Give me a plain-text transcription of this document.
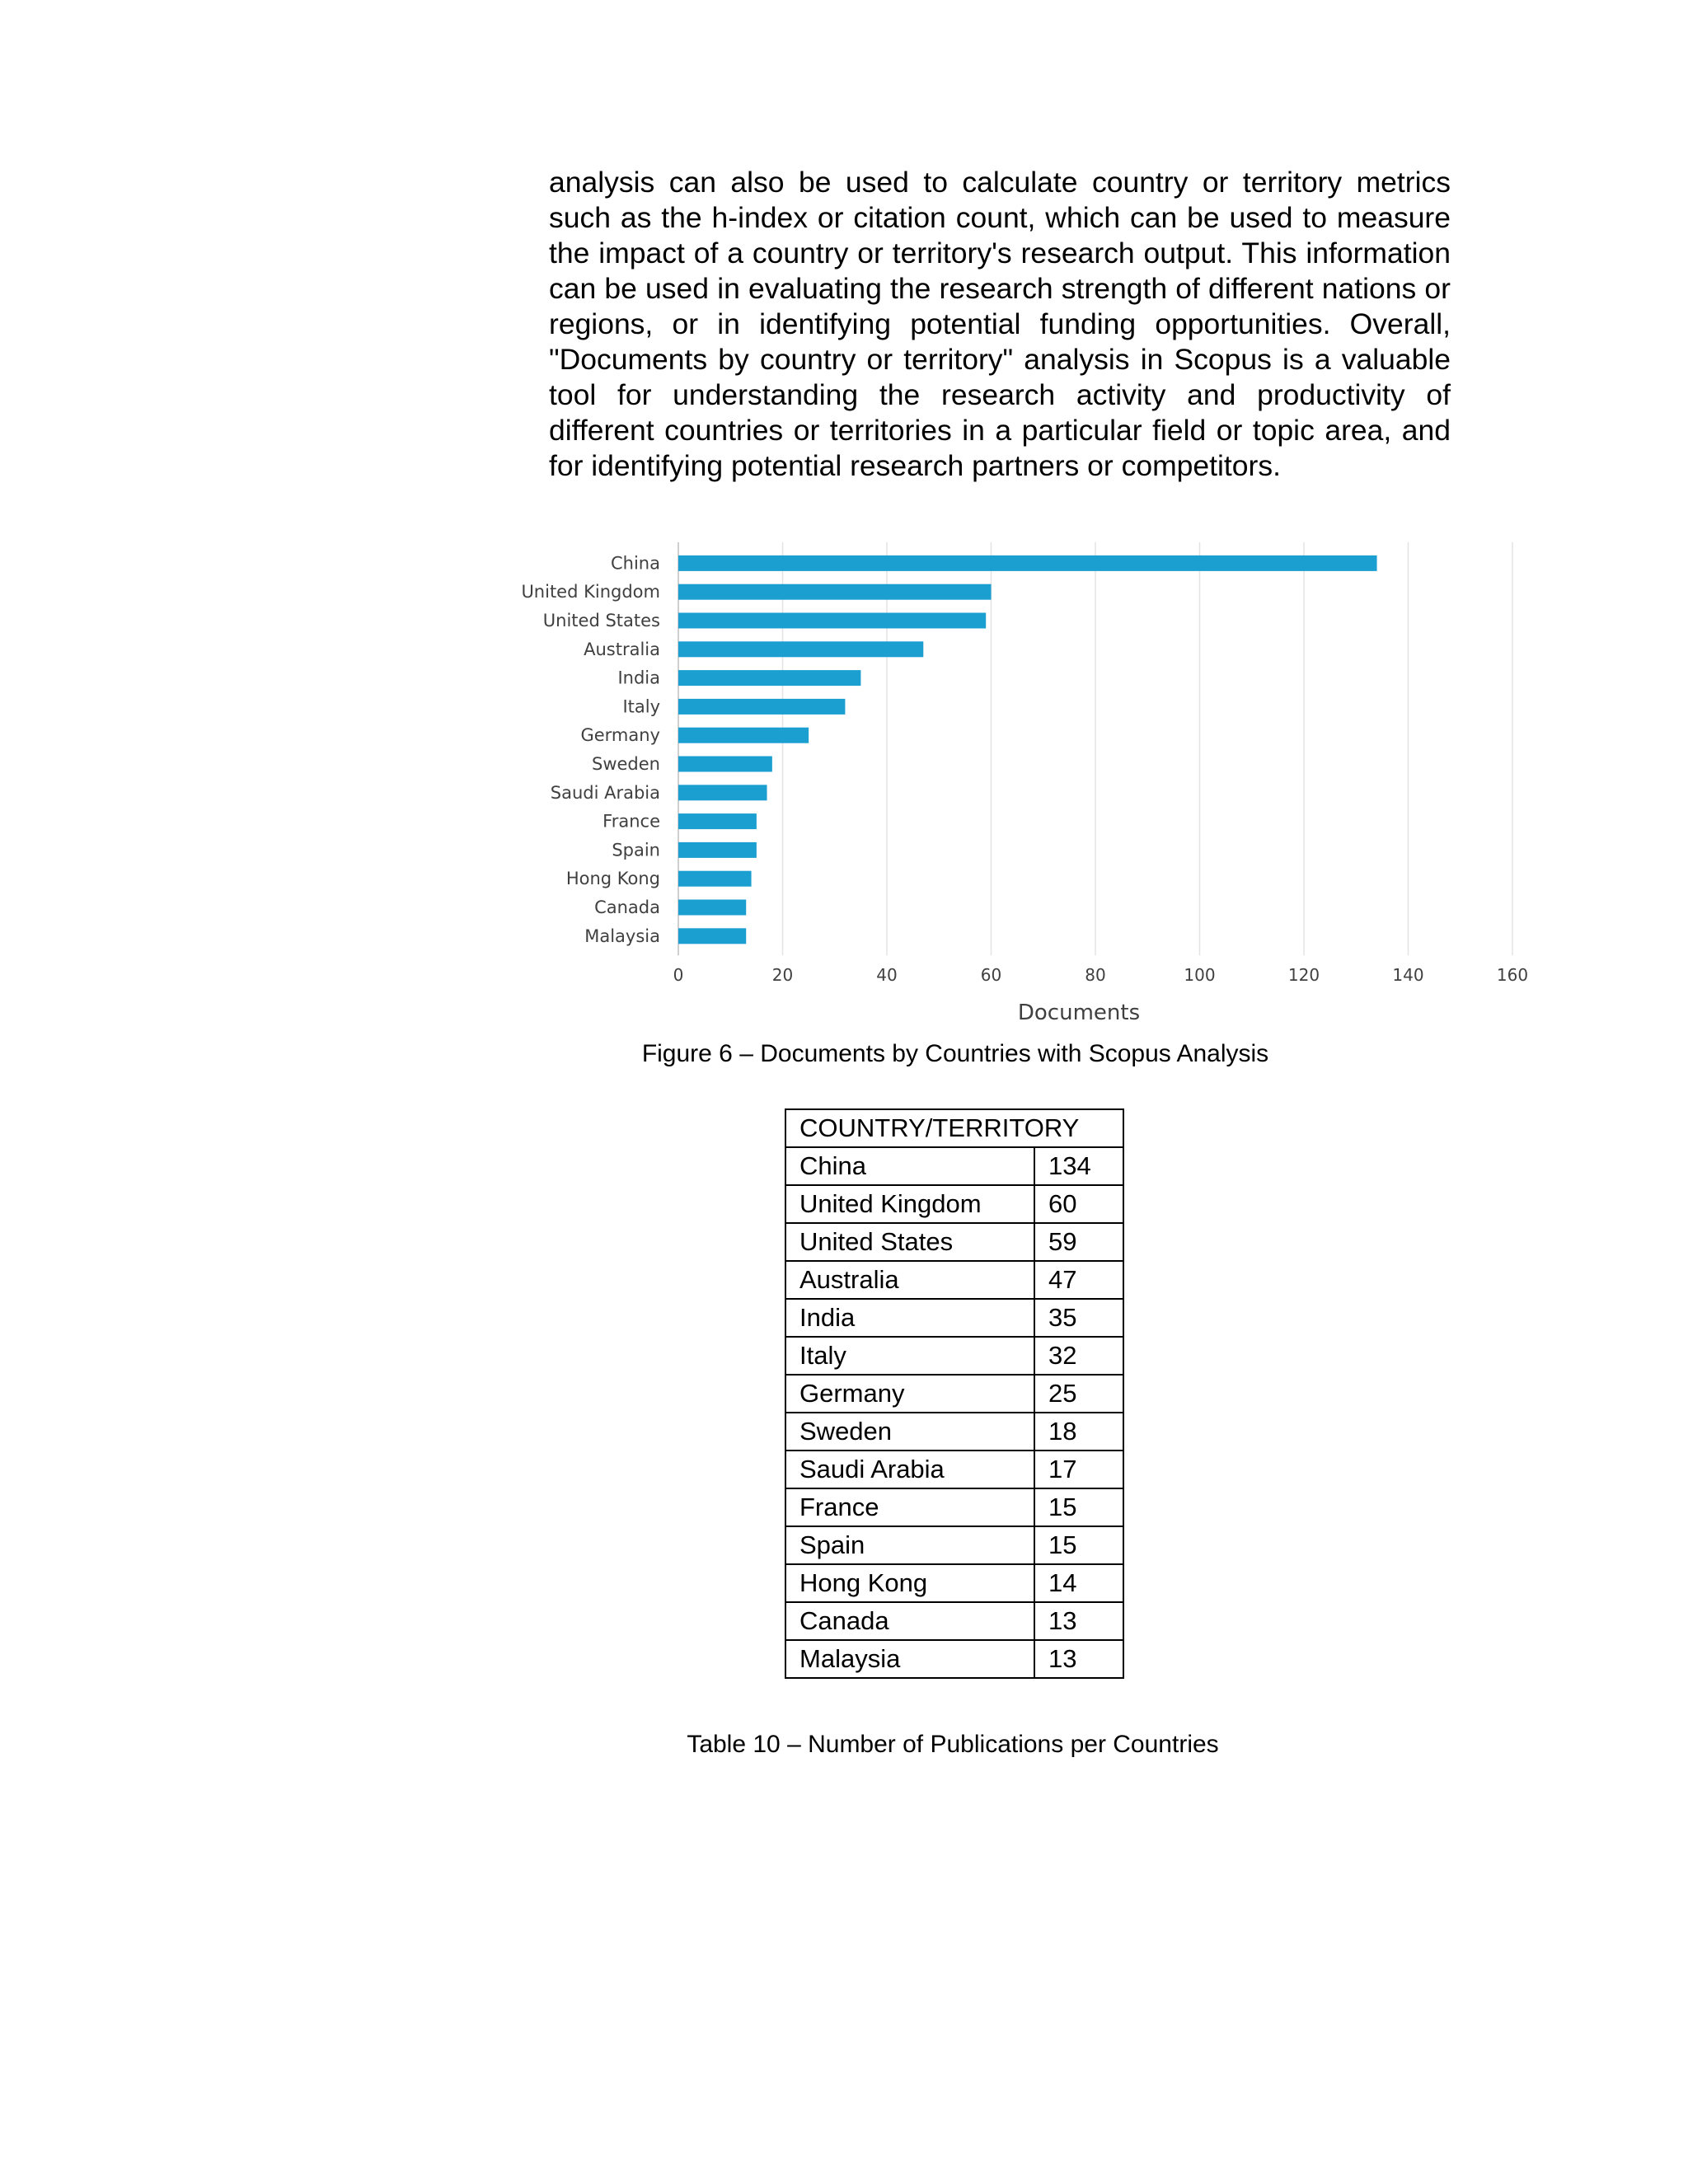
analysis can also be used to calculate country or territory metrics such as the h-index or citation count, which can be used to measure the impact of a country or territory's research output. This information can be used in evaluating the research strength of different nations or regions, or in identifying potential funding opportunities. Overall, "Documents by country or territory" analysis in Scopus is a valuable tool for understanding the research activity and productivity of different countries or territories in a particular field or topic area, and for identifying potential research partners or competitors.

0	20	40	60	80	100	120	140	160
China
United Kingdom
United States
Australia
India
Italy
Germany
Sweden
Saudi Arabia
France
Spain
Hong Kong
Canada
Malaysia
Documents
Figure 6 – Documents by Countries with Scopus Analysis
COUNTRY/TERRITORY	
China	134
United Kingdom	60
United States	59
Australia	47
India	35
Italy	32
Germany	25
Sweden	18
Saudi Arabia	17
France	15
Spain	15
Hong Kong	14
Canada	13
Malaysia	13
Table 10 – Number of Publications per Countries
